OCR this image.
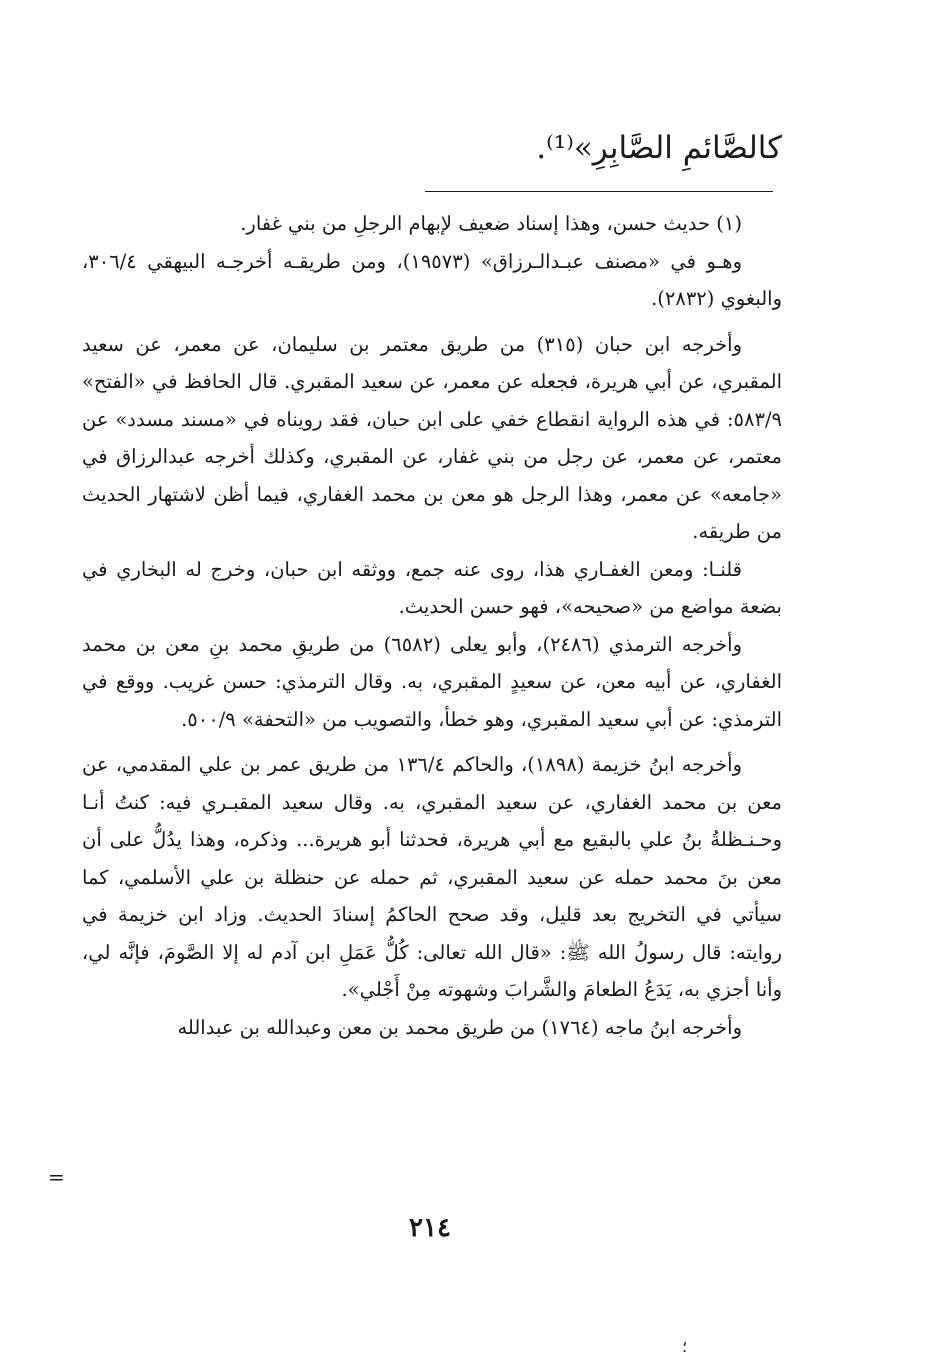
كالصَّائمِ الصَّابِرِ»⁽¹⁾.

(١) حديث حسن، وهذا إسناد ضعيف لإبهام الرجلِ من بني غفار.

وهـو في «مصنف عبـدالـرزاق» (١٩٥٧٣)، ومن طريقـه أخرجـه البيهقي ٣٠٦/٤، والبغوي (٢٨٣٢).

وأخرجه ابن حبان (٣١٥) من طريق معتمر بن سليمان، عن معمر، عن سعيد المقبري، عن أبي هريرة، فجعله عن معمر، عن سعيد المقبري. قال الحافظ في «الفتح» ٥٨٣/٩: في هذه الرواية انقطاع خفي على ابن حبان، فقد رويناه في «مسند مسدد» عن معتمر، عن معمر، عن رجل من بني غفار، عن المقبري، وكذلك أخرجه عبدالرزاق في «جامعه» عن معمر، وهذا الرجل هو معن بن محمد الغفاري، فيما أظن لاشتهار الحديث من طريقه.

قلنـا: ومعن الغفـاري هذا، روى عنه جمع، ووثقه ابن حبان، وخرج له البخاري في بضعة مواضع من «صحيحه»، فهو حسن الحديث.

وأخرجه الترمذي (٢٤٨٦)، وأبو يعلى (٦٥٨٢) من طريقِ محمد بنِ معن بن محمد الغفاري، عن أبيه معن، عن سعيدٍ المقبري، به. وقال الترمذي: حسن غريب. ووقع في الترمذي: عن أبي سعيد المقبري، وهو خطأ، والتصويب من «التحفة» ٥٠٠/٩.

وأخرجه ابنُ خزيمة (١٨٩٨)، والحاكم ١٣٦/٤ من طريق عمر بن علي المقدمي، عن معن بن محمد الغفاري، عن سعيد المقبري، به. وقال سعيد المقبـري فيه: كنتُ أنـا وحـنـظلةُ بنُ علي بالبقيع مع أبي هريرة، فحدثنا أبو هريرة... وذكره، وهذا يدُلُّ على أن معن بنَ محمد حمله عن سعيد المقبري، ثم حمله عن حنظلة بن علي الأسلمي، كما سيأتي في التخريج بعد قليل، وقد صحح الحاكمُ إسنادَ الحديث. وزاد ابن خزيمة في روايته: قال رسولُ الله ﷺ: «قال الله تعالى: كُلُّ عَمَلِ ابن آدم له إلا الصَّومَ، فإنَّه لي، وأنا أجزي به، يَدَعُ الطعامَ والشَّرابَ وشهوته مِنْ أَجْلي».

وأخرجه ابنُ ماجه (١٧٦٤) من طريق محمد بن معن وعبدالله بن عبدالله

=
٢١٤
؛
